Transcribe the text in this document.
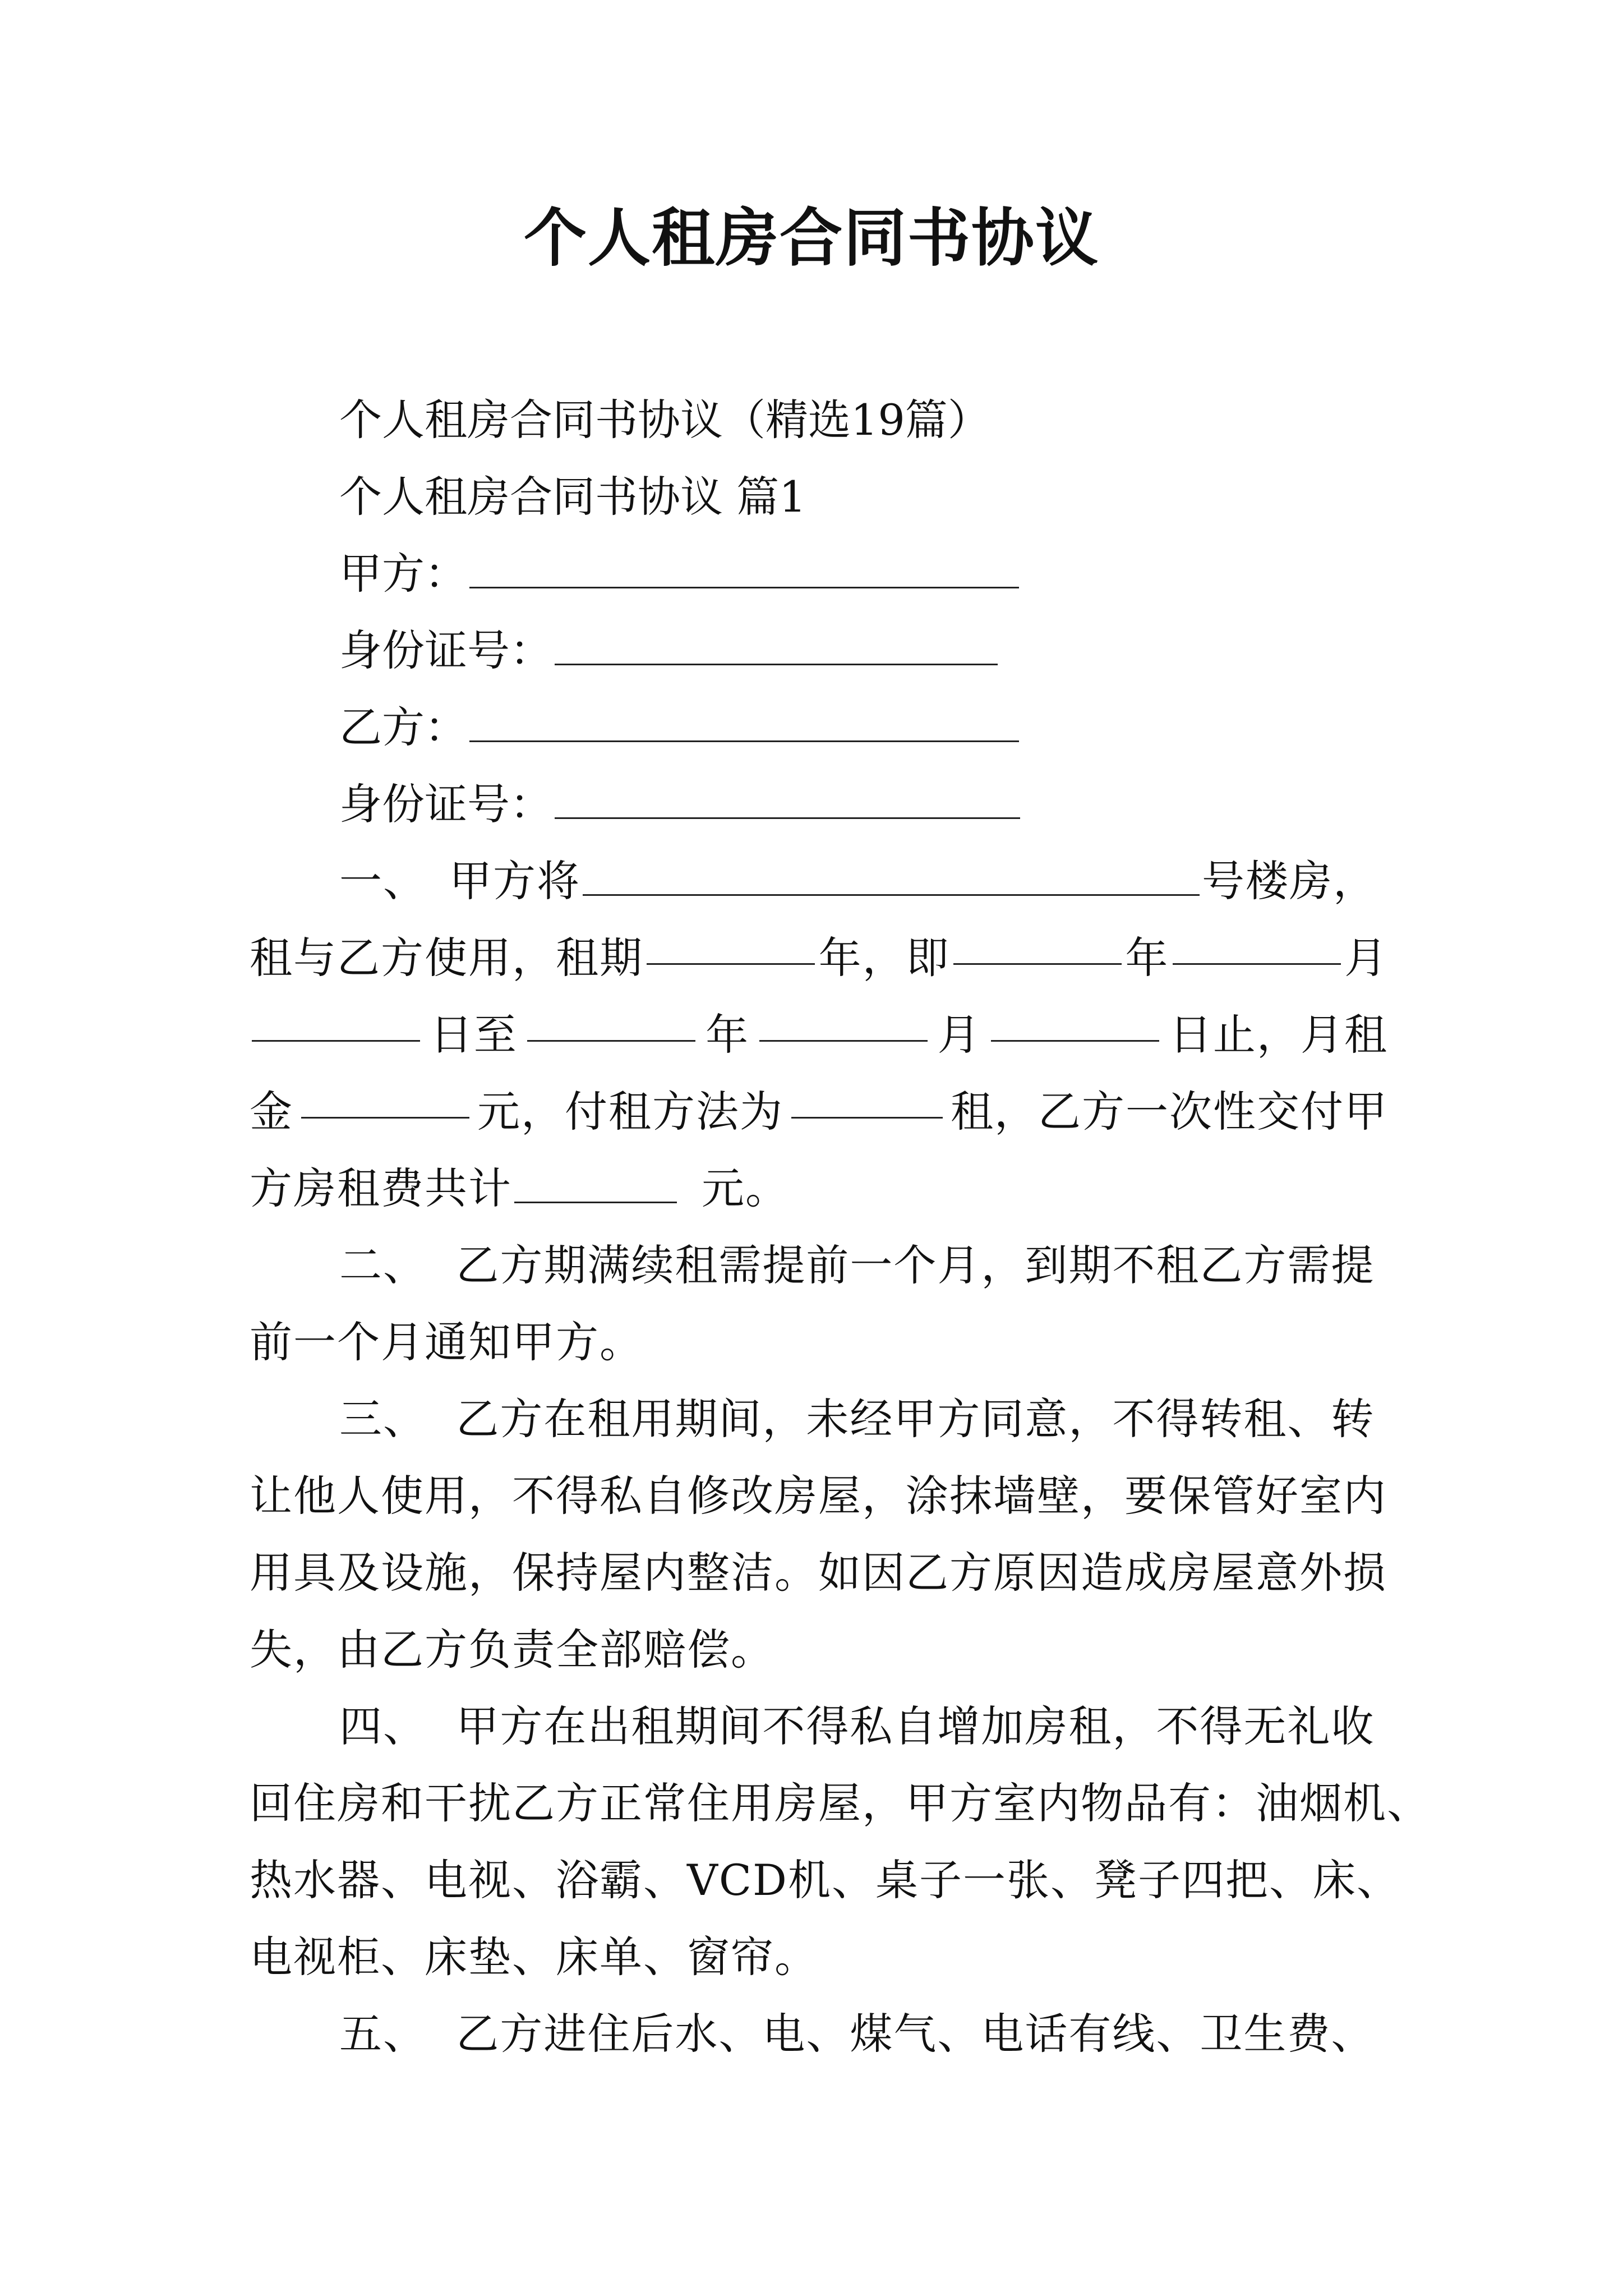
个人租房合同书协议
个人租房合同书协议（精选19篇）
个人租房合同书协议 篇1
甲方：
身份证号：
乙方：
身份证号：
一、 甲方将	号楼房，
租与乙方使用，租期	年，即	年	月
日至	年	月	日止，月租
金	元，付租方法为	租，乙方一次性交付甲
方房租费共计	元。
二、  乙方期满续租需提前一个月，到期不租乙方需提
前一个月通知甲方。
三、  乙方在租用期间，未经甲方同意，不得转租、转
让他人使用，不得私自修改房屋，涂抹墙壁，要保管好室内
用具及设施，保持屋内整洁。如因乙方原因造成房屋意外损
失，由乙方负责全部赔偿。
四、  甲方在出租期间不得私自增加房租，不得无礼收
回住房和干扰乙方正常住用房屋，甲方室内物品有：油烟机、
热水器、电视、浴霸、VCD机、桌子一张、凳子四把、床、
电视柜、床垫、床单、窗帘。
五、  乙方进住后水、电、煤气、电话有线、卫生费、
